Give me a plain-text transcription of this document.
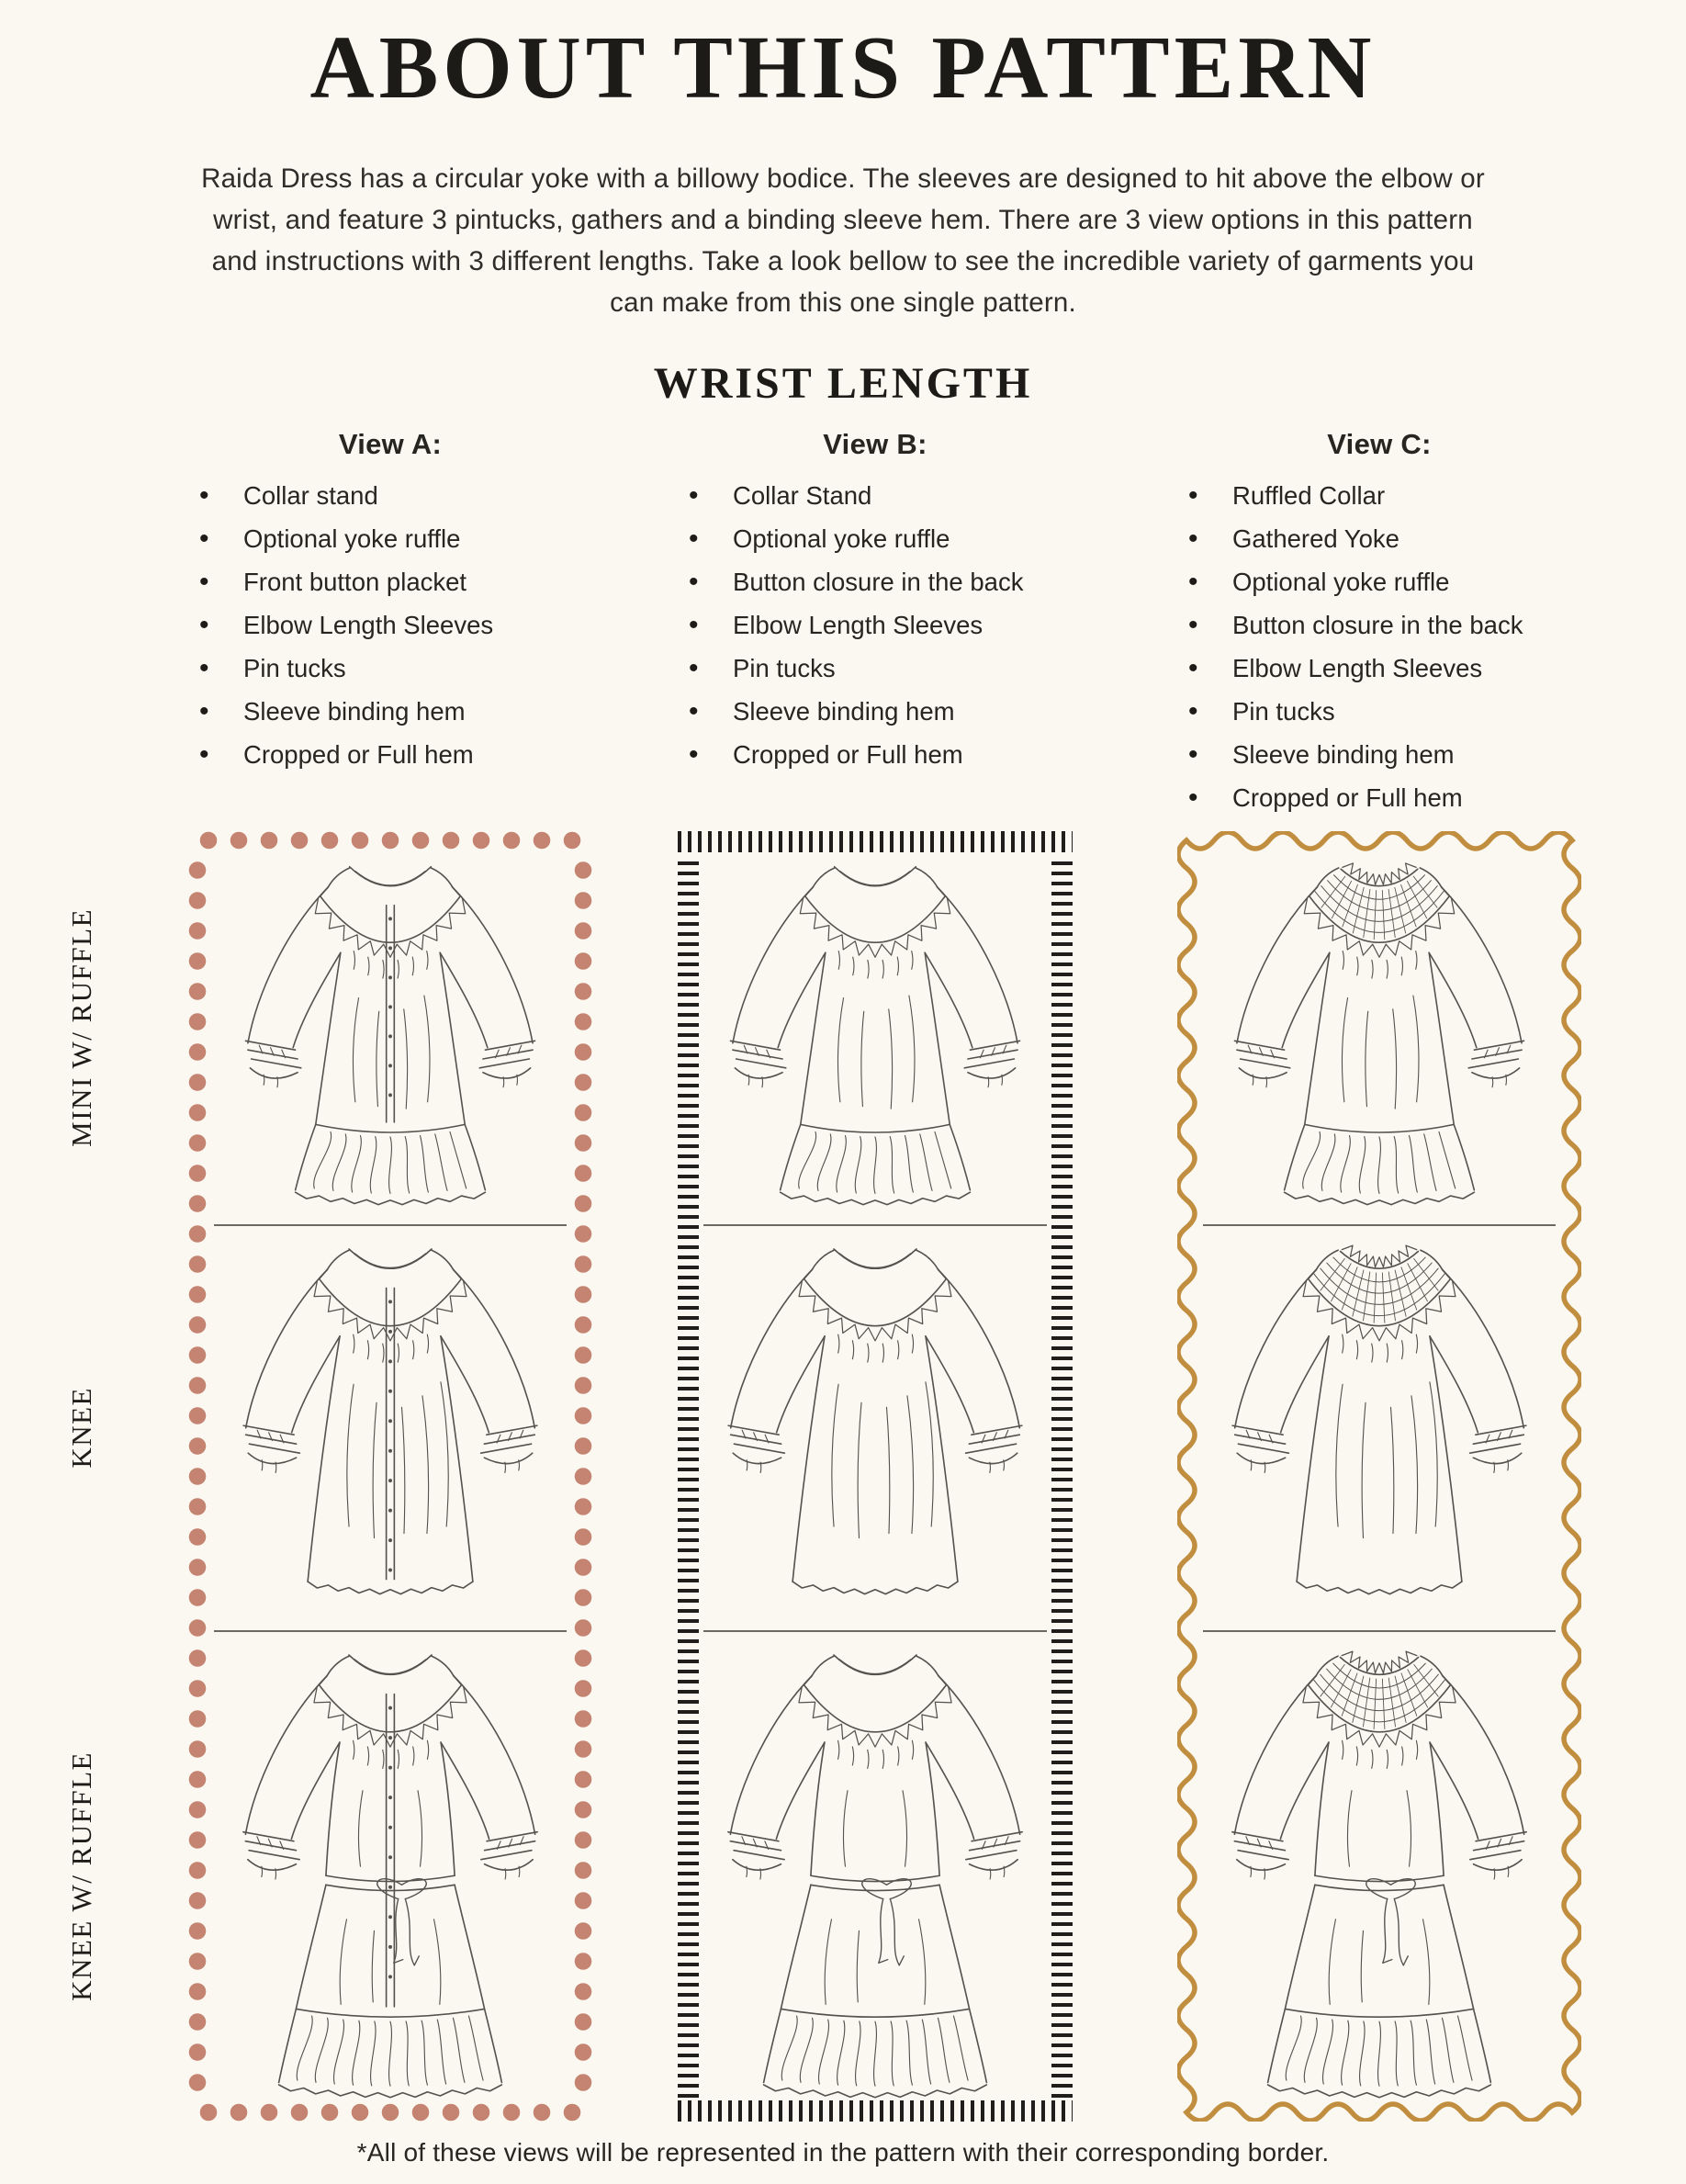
ABOUT THIS PATTERN
Raida Dress has a circular yoke with a billowy bodice. The sleeves are designed to hit above the elbow or
wrist, and feature 3 pintucks, gathers and a binding sleeve hem. There are 3 view options in this pattern
and instructions with 3 different lengths. Take a look bellow to see the incredible variety of garments you
can make from this one single pattern.
WRIST LENGTH
View A:
• Collar stand
• Optional yoke ruffle
• Front button placket
• Elbow Length Sleeves
• Pin tucks
• Sleeve binding hem
• Cropped or Full hem
View B:
• Collar Stand
• Optional yoke ruffle
• Button closure in the back
• Elbow Length Sleeves
• Pin tucks
• Sleeve binding hem
• Cropped or Full hem
View C:
• Ruffled Collar
• Gathered Yoke
• Optional yoke ruffle
• Button closure in the back
• Elbow Length Sleeves
• Pin tucks
• Sleeve binding hem
• Cropped or Full hem
MINI W/ RUFFLE
KNEE
KNEE W/ RUFFLE
*All of these views will be represented in the pattern with their corresponding border.
